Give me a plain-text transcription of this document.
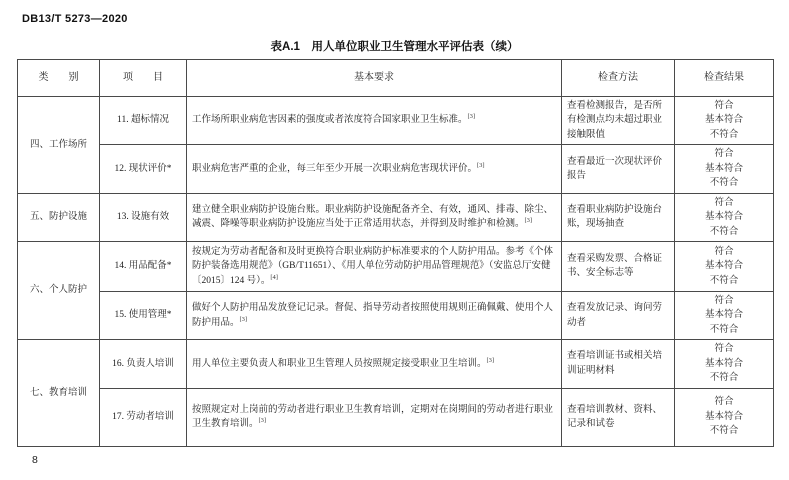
DB13/T 5273—2020
表A.1　用人单位职业卫生管理水平评估表（续）
类　　别	项　　目	基本要求	检查方法	检查结果
四、工作场所	11. 超标情况	工作场所职业病危害因素的强度或者浓度符合国家职业卫生标准。[3]	查看检测报告，是否所有检测点均未超过职业接触限值	符合
基本符合
不符合

	12. 现状评价*	职业病危害严重的企业，每三年至少开展一次职业病危害现状评价。[3]	查看最近一次现状评价报告	符合
基本符合
不符合

五、防护设施	13. 设施有效	建立健全职业病防护设施台账。职业病防护设施配备齐全、有效，通风、排毒、除尘、减震、降噪等职业病防护设施应当处于正常适用状态，并得到及时维护和检测。[3]	查看职业病防护设施台账，现场抽查	符合
基本符合
不符合

六、个人防护	14. 用品配备*	按规定为劳动者配备和及时更换符合职业病防护标准要求的个人防护用品。参考《个体防护装备选用规范》（GB/T11651）、《用人单位劳动防护用品管理规范》（安监总厅安健〔2015〕124 号）。[4]	查看采购发票、合格证书、安全标志等	符合
基本符合
不符合

	15. 使用管理*	做好个人防护用品发放登记记录。督促、指导劳动者按照使用规则正确佩戴、使用个人防护用品。[3]	查看发放记录、询问劳动者	符合
基本符合
不符合

七、教育培训	16. 负责人培训	用人单位主要负责人和职业卫生管理人员按照规定接受职业卫生培训。[3]	查看培训证书或相关培训证明材料	符合
基本符合
不符合

	17. 劳动者培训	按照规定对上岗前的劳动者进行职业卫生教育培训，定期对在岗期间的劳动者进行职业卫生教育培训。[3]	查看培训教材、资料、记录和试卷	符合
基本符合
不符合
8
